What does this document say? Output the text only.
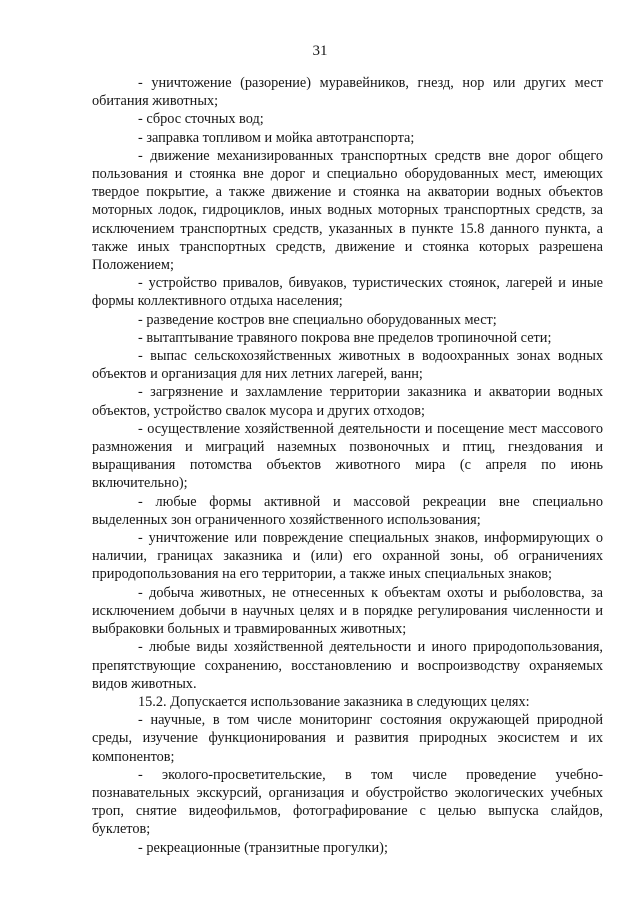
31

- уничтожение (разорение) муравейников, гнезд, нор или других мест обитания животных;

- сброс сточных вод;

- заправка топливом и мойка автотранспорта;

- движение механизированных транспортных средств вне дорог общего пользования и стоянка вне дорог и специально оборудованных мест, имеющих твердое покрытие, а также движение и стоянка на акватории водных объектов моторных лодок, гидроциклов, иных водных моторных транспортных средств, за исключением транспортных средств, указанных в пункте 15.8 данного пункта, а также иных транспортных средств, движение и стоянка которых разрешена Положением;

- устройство привалов, бивуаков, туристических стоянок, лагерей и иные формы коллективного отдыха населения;

- разведение костров вне специально оборудованных мест;

- вытаптывание травяного покрова вне пределов тропиночной сети;

- выпас сельскохозяйственных животных в водоохранных зонах водных объектов и организация для них летних лагерей, ванн;

- загрязнение и захламление территории заказника и акватории водных объектов, устройство свалок мусора и других отходов;

- осуществление хозяйственной деятельности и посещение мест массового размножения и миграций наземных позвоночных и птиц, гнездования и выращивания потомства объектов животного мира (с апреля по июнь включительно);

- любые формы активной и массовой рекреации вне специально выделенных зон ограниченного хозяйственного использования;

- уничтожение или повреждение специальных знаков, информирующих о наличии, границах заказника и (или) его охранной зоны, об ограничениях природопользования на его территории, а также иных специальных знаков;

- добыча животных, не отнесенных к объектам охоты и рыболовства, за исключением добычи в научных целях и в порядке регулирования численности и выбраковки больных и травмированных животных;

- любые виды хозяйственной деятельности и иного природопользования, препятствующие сохранению, восстановлению и воспроизводству охраняемых видов животных.

15.2. Допускается использование заказника в следующих целях:

- научные, в том числе мониторинг состояния окружающей природной среды, изучение функционирования и развития природных экосистем и их компонентов;

- эколого-просветительские, в том числе проведение учебно-познавательных экскурсий, организация и обустройство экологических учебных троп, снятие видеофильмов, фотографирование с целью выпуска слайдов, буклетов;

- рекреационные (транзитные прогулки);
